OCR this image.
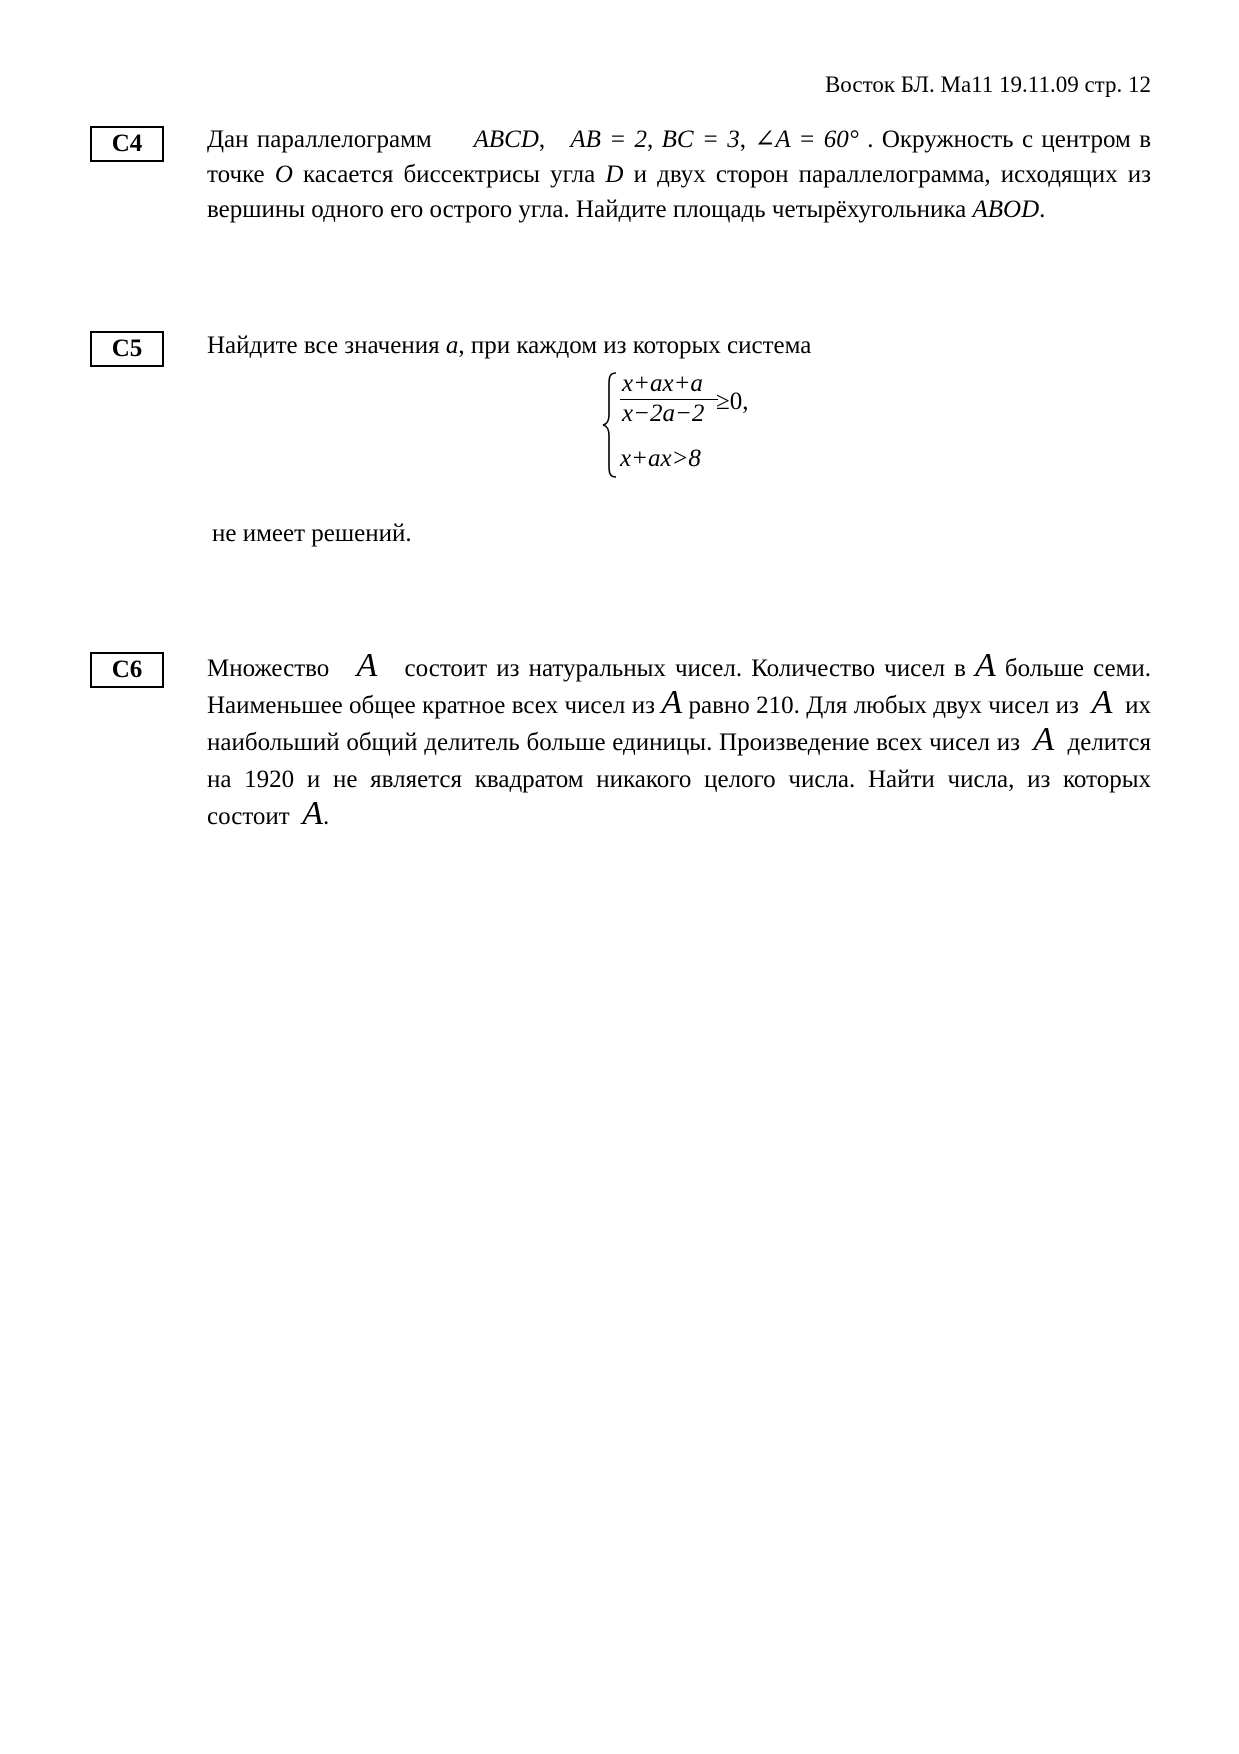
Восток БЛ. Ма11 19.11.09 стр. 12
С4	Дан параллелограмм ABCD,   AB = 2, BC = 3, ∠A = 60° . Окружность с центром в точке O касается биссектрисы угла D и двух сторон параллелограмма, исходящих из вершины одного его острого угла. Найдите площадь четырёхугольника ABOD.
С5	Найдите все значения a, при каждом из которых система
x+ax+a
x−2a−2 ≥0,
x+ax>8
не имеет решений.
С6	Множество A состоит из натуральных чисел. Количество чисел в A больше семи. Наименьшее общее кратное всех чисел из A равно 210. Для любых двух чисел из A их наибольший общий делитель больше единицы. Произведение всех чисел из A делится на 1920 и не является квадратом никакого целого числа. Найти числа, из которых состоит A.
